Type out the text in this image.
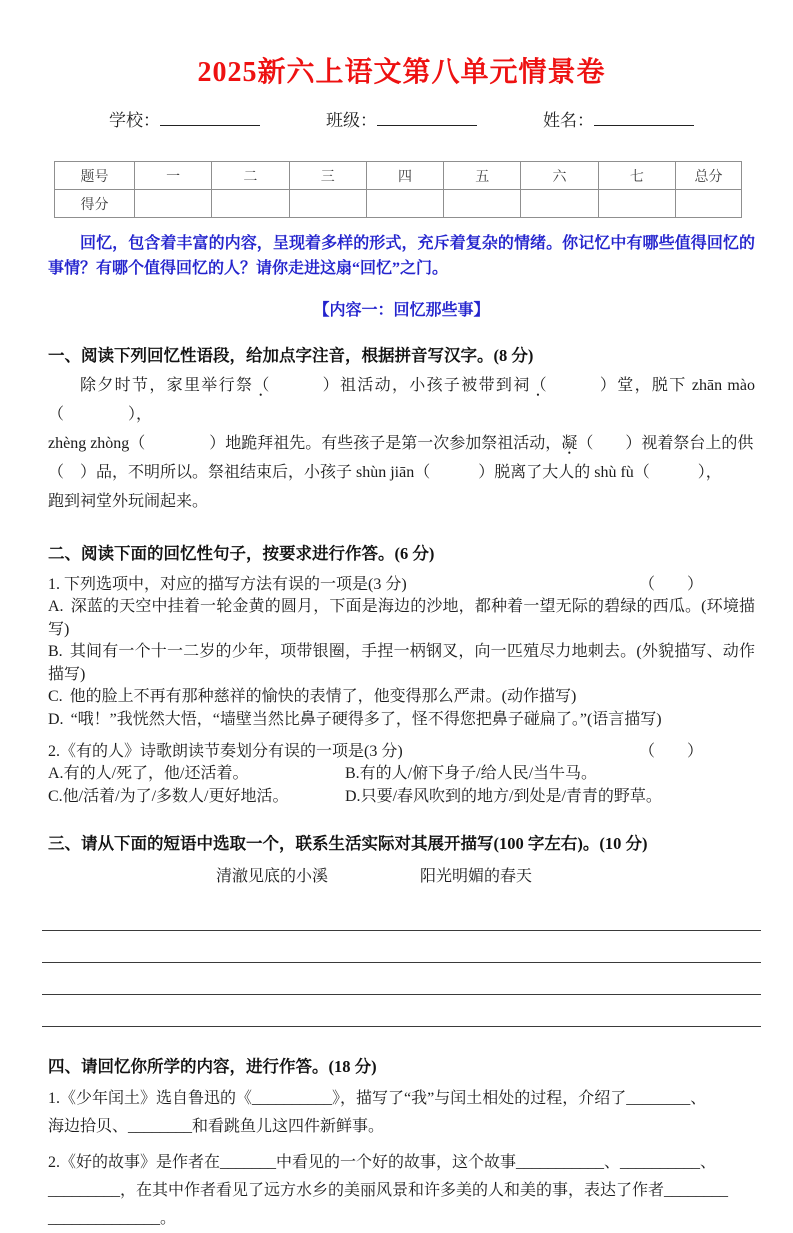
2025新六上语文第八单元情景卷
学校：	班级：	姓名：
题号	一	二	三	四	五	六	七	总分
得分								

回忆，包含着丰富的内容，呈现着多样的形式，充斥着复杂的情绪。你记忆中有哪些值得回忆的事情？有哪个值得回忆的人？请你走进这扇“回忆”之门。

【内容一：回忆那些事】
一、阅读下列回忆性语段，给加点字注音，根据拼音写汉字。(8 分)
除夕时节，家里举行祭（　　　）祖活动，小孩子被带到祠（　　　）堂，脱下 zhān mào（　　　　），
zhèng zhòng（　　　　）地跪拜祖先。有些孩子是第一次参加祭祖活动，凝（　　）视着祭台上的供
（　）品，不明所以。祭祖结束后，小孩子 shùn jiān（　　　）脱离了大人的 shù fù（　　　），
跑到祠堂外玩闹起来。
二、阅读下面的回忆性句子，按要求进行作答。(6 分)
1. 下列选项中，对应的描写方法有误的一项是(3 分)	（　　）
A. 深蓝的天空中挂着一轮金黄的圆月，下面是海边的沙地，都种着一望无际的碧绿的西瓜。(环境描写)
B. 其间有一个十一二岁的少年，项带银圈，手捏一柄钢叉，向一匹殖尽力地刺去。(外貌描写、动作描写)
C. 他的脸上不再有那种慈祥的愉快的表情了，他变得那么严肃。(动作描写)
D. “哦！”我恍然大悟，“墙壁当然比鼻子硬得多了，怪不得您把鼻子碰扁了。”(语言描写)
2.《有的人》诗歌朗读节奏划分有误的一项是(3 分)	（　　）
A.有的人/死了，他/还活着。	B.有的人/俯下身子/给人民/当牛马。
C.他/活着/为了/多数人/更好地活。	D.只要/春风吹到的地方/到处是/青青的野草。
三、请从下面的短语中选取一个，联系生活实际对其展开描写(100 字左右)。(10 分)
清澈见底的小溪	阳光明媚的春天
四、请回忆你所学的内容，进行作答。(18 分)
1.《少年闰土》选自鲁迅的《__________》，描写了“我”与闰土相处的过程，介绍了________、
海边拾贝、________和看跳鱼儿这四件新鲜事。
2.《好的故事》是作者在_______中看见的一个好的故事，这个故事___________、__________、
_________，在其中作者看见了远方水乡的美丽风景和许多美的人和美的事，表达了作者________
______________。
